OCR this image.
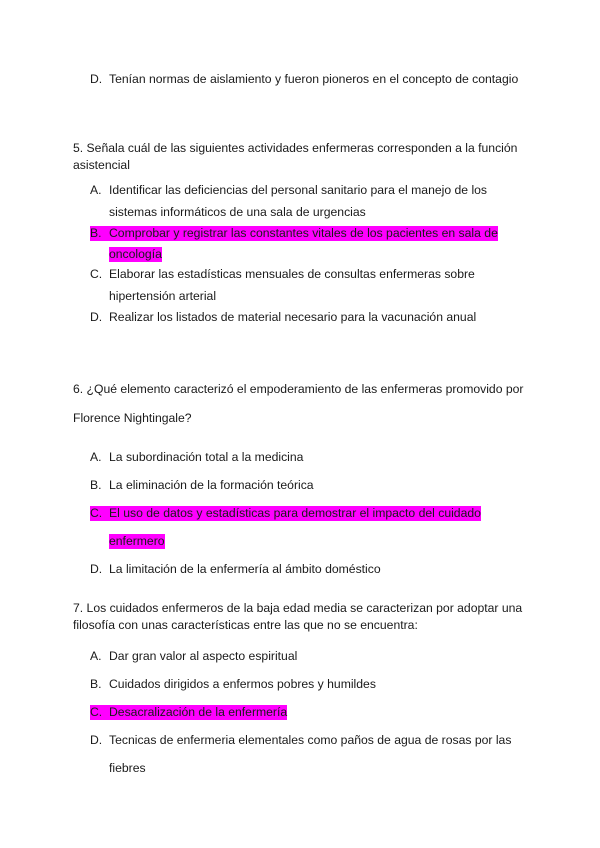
D. Tenían normas de aislamiento y fueron pioneros en el concepto de contagio
5. Señala cuál de las siguientes actividades enfermeras corresponden a la función
asistencial
A. Identificar las deficiencias del personal sanitario para el manejo de los
sistemas informáticos de una sala de urgencias
B. Comprobar y registrar las constantes vitales de los pacientes en sala de
oncología
C. Elaborar las estadísticas mensuales de consultas enfermeras sobre
hipertensión arterial
D. Realizar los listados de material necesario para la vacunación anual
6. ¿Qué elemento caracterizó el empoderamiento de las enfermeras promovido por
Florence Nightingale?
A. La subordinación total a la medicina
B. La eliminación de la formación teórica
C. El uso de datos y estadísticas para demostrar el impacto del cuidado
enfermero
D. La limitación de la enfermería al ámbito doméstico
7. Los cuidados enfermeros de la baja edad media se caracterizan por adoptar una
filosofía con unas características entre las que no se encuentra:
A. Dar gran valor al aspecto espiritual
B. Cuidados dirigidos a enfermos pobres y humildes
C. Desacralización de la enfermería
D. Tecnicas de enfermeria elementales como paños de agua de rosas por las
fiebres
